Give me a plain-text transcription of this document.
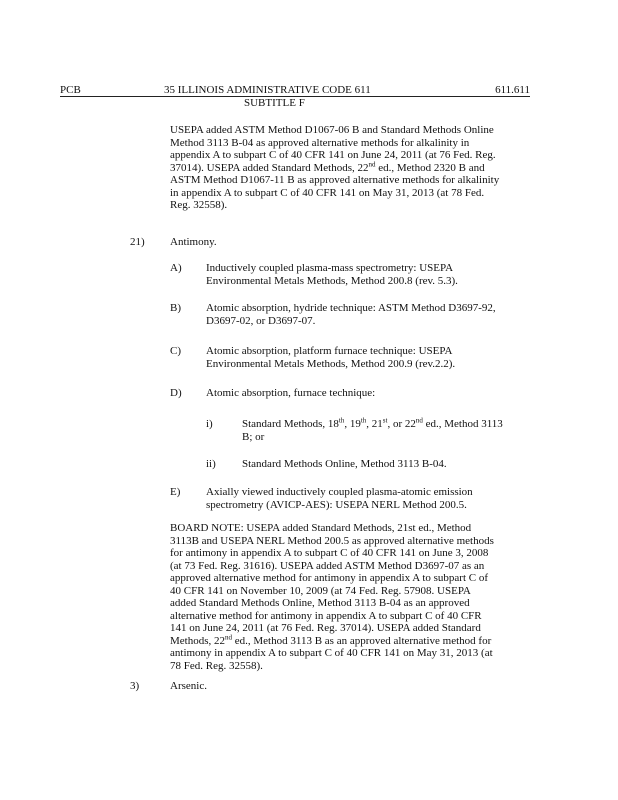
PCB	35 ILLINOIS ADMINISTRATIVE CODE 611	611.611
SUBTITLE F
USEPA added ASTM Method D1067-06 B and Standard Methods Online
Method 3113 B-04 as approved alternative methods for alkalinity in
appendix A to subpart C of 40 CFR 141 on June 24, 2011 (at 76 Fed. Reg.
37014). USEPA added Standard Methods, 22nd ed., Method 2320 B and
ASTM Method D1067-11 B as approved alternative methods for alkalinity
in appendix A to subpart C of 40 CFR 141 on May 31, 2013 (at 78 Fed.
Reg. 32558).
21) Antimony.
A) Inductively coupled plasma-mass spectrometry: USEPA
Environmental Metals Methods, Method 200.8 (rev. 5.3).
B) Atomic absorption, hydride technique: ASTM Method D3697-92,
D3697-02, or D3697-07.
C) Atomic absorption, platform furnace technique: USEPA
Environmental Metals Methods, Method 200.9 (rev.2.2).
D) Atomic absorption, furnace technique:
i)	Standard Methods, 18th, 19th, 21st, or 22nd ed., Method 3113
B; or
ii) Standard Methods Online, Method 3113 B-04.
E) Axially viewed inductively coupled plasma-atomic emission
spectrometry (AVICP-AES): USEPA NERL Method 200.5.
BOARD NOTE: USEPA added Standard Methods, 21st ed., Method
3113B and USEPA NERL Method 200.5 as approved alternative methods
for antimony in appendix A to subpart C of 40 CFR 141 on June 3, 2008
(at 73 Fed. Reg. 31616). USEPA added ASTM Method D3697-07 as an
approved alternative method for antimony in appendix A to subpart C of
40 CFR 141 on November 10, 2009 (at 74 Fed. Reg. 57908. USEPA
added Standard Methods Online, Method 3113 B-04 as an approved
alternative method for antimony in appendix A to subpart C of 40 CFR
141 on June 24, 2011 (at 76 Fed. Reg. 37014). USEPA added Standard
Methods, 22nd ed., Method 3113 B as an approved alternative method for
antimony in appendix A to subpart C of 40 CFR 141 on May 31, 2013 (at
78 Fed. Reg. 32558).
3)	Arsenic.
